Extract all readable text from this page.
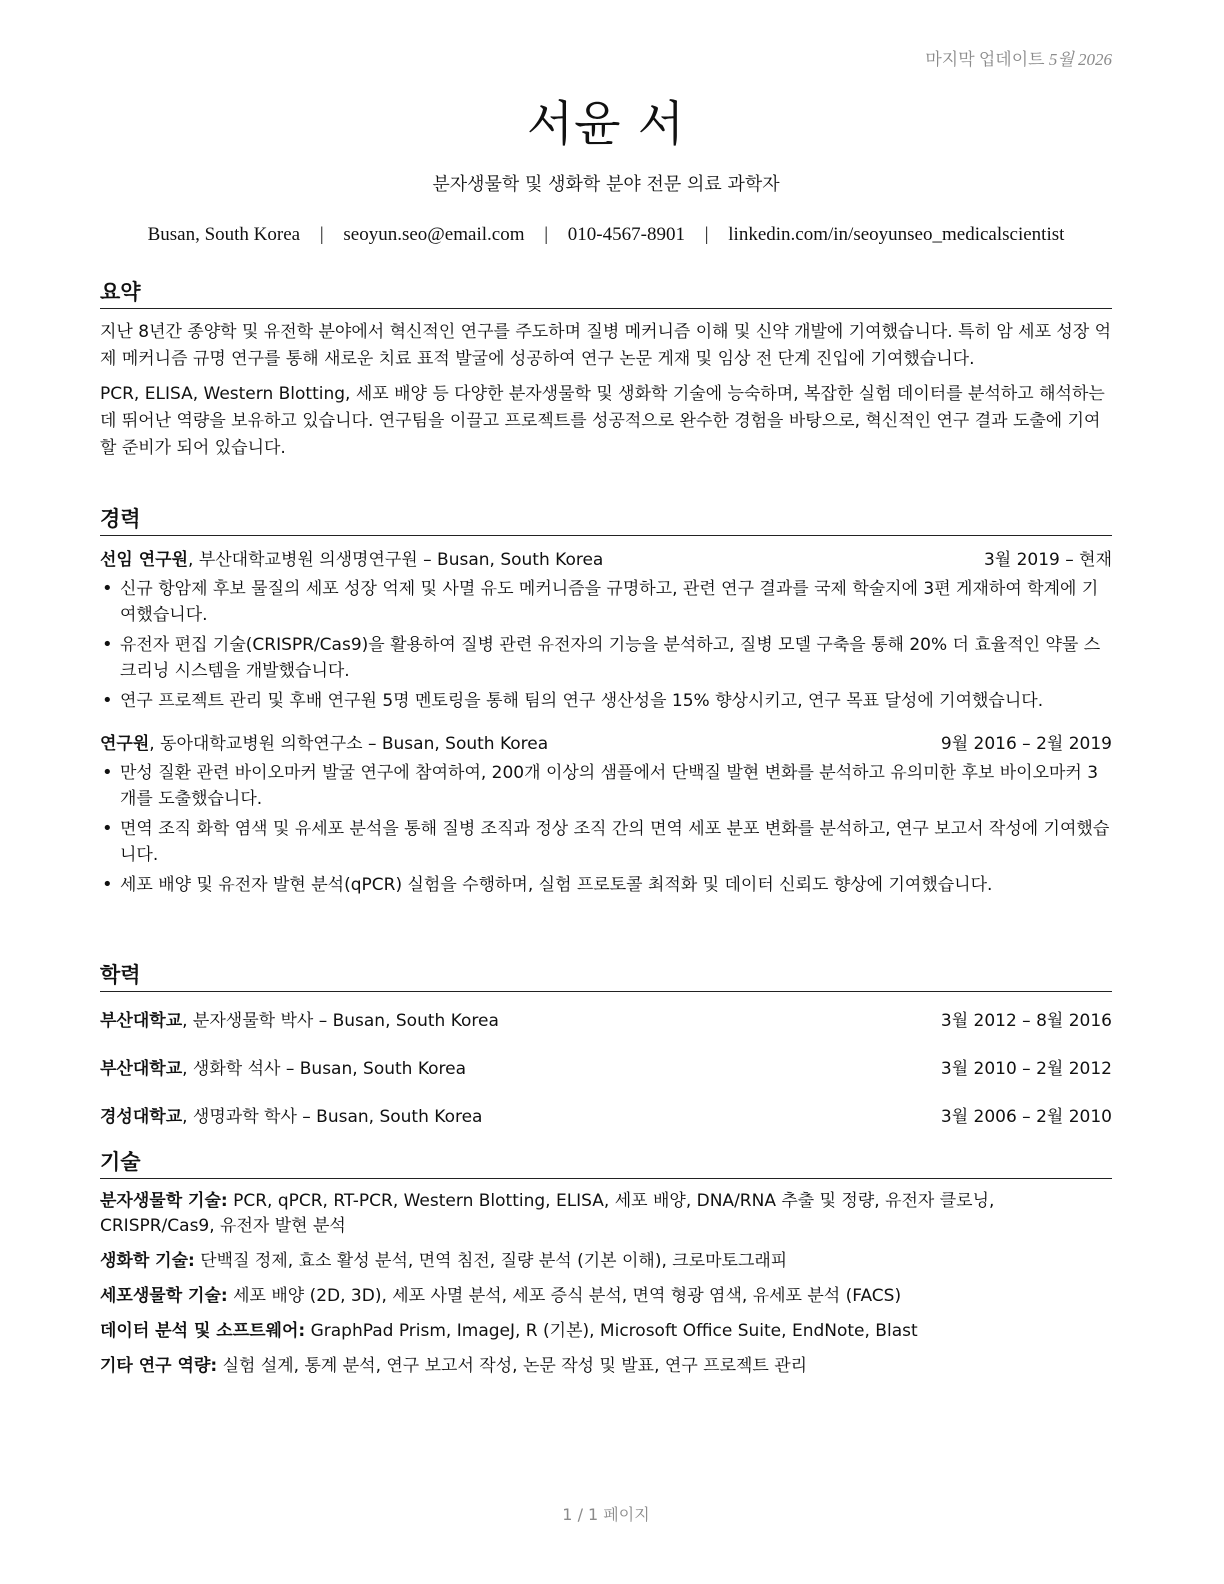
마지막 업데이트 5월 2026
서윤 서
분자생물학 및 생화학 분야 전문 의료 과학자
Busan, South Korea | seoyun.seo@email.com | 010-4567-8901 | linkedin.com/in/seoyunseo_medicalscientist
요약

지난 8년간 종양학 및 유전학 분야에서 혁신적인 연구를 주도하며 질병 메커니즘 이해 및 신약 개발에 기여했습니다. 특히 암 세포 성장 억제 메커니즘 규명 연구를 통해 새로운 치료 표적 발굴에 성공하여 연구 논문 게재 및 임상 전 단계 진입에 기여했습니다.

PCR, ELISA, Western Blotting, 세포 배양 등 다양한 분자생물학 및 생화학 기술에 능숙하며, 복잡한 실험 데이터를 분석하고 해석하는 데 뛰어난 역량을 보유하고 있습니다. 연구팀을 이끌고 프로젝트를 성공적으로 완수한 경험을 바탕으로, 혁신적인 연구 결과 도출에 기여할 준비가 되어 있습니다.

경력
선임 연구원, 부산대학교병원 의생명연구원 – Busan, South Korea	3월 2019 – 현재
• 신규 항암제 후보 물질의 세포 성장 억제 및 사멸 유도 메커니즘을 규명하고, 관련 연구 결과를 국제 학술지에 3편 게재하여 학계에 기여했습니다.
• 유전자 편집 기술(CRISPR/Cas9)을 활용하여 질병 관련 유전자의 기능을 분석하고, 질병 모델 구축을 통해 20% 더 효율적인 약물 스크리닝 시스템을 개발했습니다.
• 연구 프로젝트 관리 및 후배 연구원 5명 멘토링을 통해 팀의 연구 생산성을 15% 향상시키고, 연구 목표 달성에 기여했습니다.
연구원, 동아대학교병원 의학연구소 – Busan, South Korea	9월 2016 – 2월 2019
• 만성 질환 관련 바이오마커 발굴 연구에 참여하여, 200개 이상의 샘플에서 단백질 발현 변화를 분석하고 유의미한 후보 바이오마커 3개를 도출했습니다.
• 면역 조직 화학 염색 및 유세포 분석을 통해 질병 조직과 정상 조직 간의 면역 세포 분포 변화를 분석하고, 연구 보고서 작성에 기여했습니다.
• 세포 배양 및 유전자 발현 분석(qPCR) 실험을 수행하며, 실험 프로토콜 최적화 및 데이터 신뢰도 향상에 기여했습니다.
학력
부산대학교, 분자생물학 박사 – Busan, South Korea	3월 2012 – 8월 2016
부산대학교, 생화학 석사 – Busan, South Korea	3월 2010 – 2월 2012
경성대학교, 생명과학 학사 – Busan, South Korea	3월 2006 – 2월 2010
기술

분자생물학 기술: PCR, qPCR, RT-PCR, Western Blotting, ELISA, 세포 배양, DNA/RNA 추출 및 정량, 유전자 클로닝, CRISPR/Cas9, 유전자 발현 분석

생화학 기술: 단백질 정제, 효소 활성 분석, 면역 침전, 질량 분석 (기본 이해), 크로마토그래피

세포생물학 기술: 세포 배양 (2D, 3D), 세포 사멸 분석, 세포 증식 분석, 면역 형광 염색, 유세포 분석 (FACS)

데이터 분석 및 소프트웨어: GraphPad Prism, ImageJ, R (기본), Microsoft Office Suite, EndNote, Blast

기타 연구 역량: 실험 설계, 통계 분석, 연구 보고서 작성, 논문 작성 및 발표, 연구 프로젝트 관리

1 / 1 페이지
